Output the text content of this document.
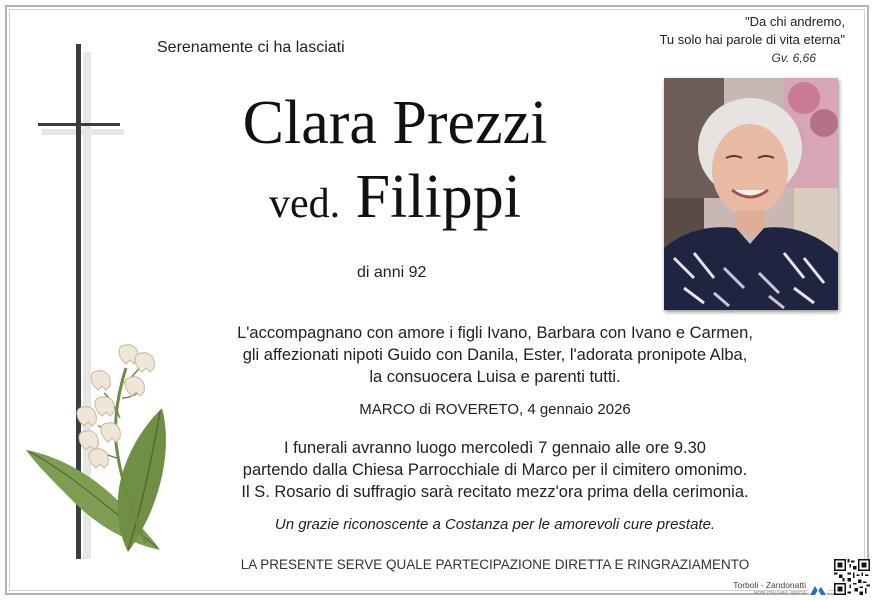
Serenamente ci ha lasciati
Clara Prezzi
ved. Filippi
di anni 92
"Da chi andremo,
Tu solo hai parole di vita eterna"
Gv. 6,66
L'accompagnano con amore i figli Ivano, Barbara con Ivano e Carmen,
gli affezionati nipoti Guido con Danila, Ester, l'adorata pronipote Alba,
la consuocera Luisa e parenti tutti.
MARCO di ROVERETO, 4 gennaio 2026
I funerali avranno luogo mercoledì 7 gennaio alle ore 9.30
partendo dalla Chiesa Parrocchiale di Marco per il cimitero omonimo.
Il S. Rosario di suffragio sarà recitato mezz'ora prima della cerimonia.
Un grazie riconoscente a Costanza per le amorevoli cure prestate.
LA PRESENTE SERVE QUALE PARTECIPAZIONE DIRETTA E RINGRAZIAMENTO
Torboli - Zandonatti
MORI (TN) 0464 - 918715
